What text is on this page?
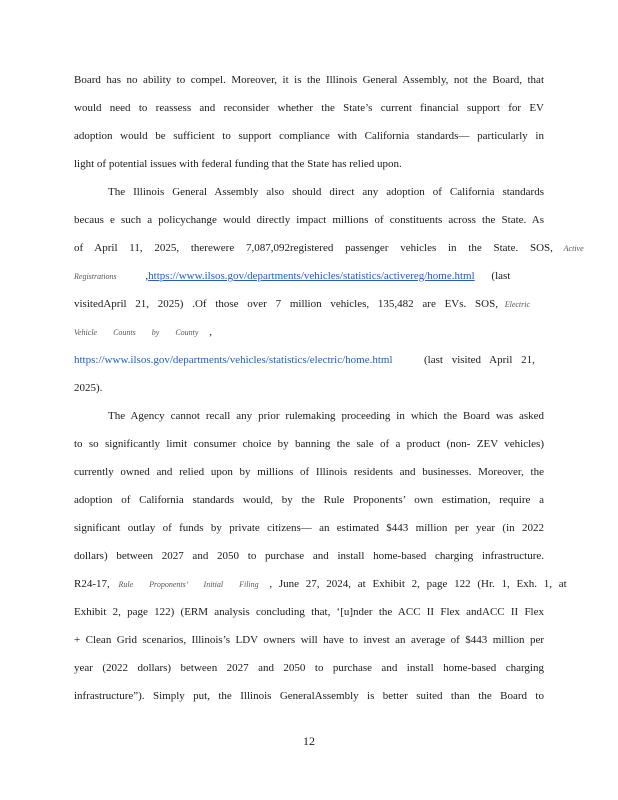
Board has no ability to compel. Moreover, it is the Illinois General Assembly, not the Board, that
would need to reassess and reconsider whether the State’s current financial support for EV
adoption would be sufficient to support compliance with California standards— particularly in
light of potential issues with federal funding that the State has relied upon.
The Illinois General Assembly also should direct any adoption of California standards
becaus e such a policychange would directly impact millions of constituents across the State. As
of April 11, 2025, therewere 7,087,092registered passenger vehicles in the State. SOS, Active
Registrations	,https://www.ilsos.gov/departments/vehicles/statistics/activereg/home.html (last
visitedApril 21, 2025) .Of those over 7 million vehicles, 135,482 are EVs. SOS, Electric
Vehicle Counts by County ,
https://www.ilsos.gov/departments/vehicles/statistics/electric/home.html	(last visited April 21,
2025).
The Agency cannot recall any prior rulemaking proceeding in which the Board was asked
to so significantly limit consumer choice by banning the sale of a product (non- ZEV vehicles)
currently owned and relied upon by millions of Illinois residents and businesses. Moreover, the
adoption of California standards would, by the Rule Proponents’ own estimation, require a
significant outlay of funds by private citizens— an estimated $443 million per year (in 2022
dollars) between 2027 and 2050 to purchase and install home-based charging infrastructure.
R24-17, Rule Proponents’ Initial Filing , June 27, 2024, at Exhibit 2, page 122 (Hr. 1, Exh. 1, at
Exhibit 2, page 122) (ERM analysis concluding that, ‘[u]nder the ACC II Flex andACC II Flex
+ Clean Grid scenarios, Illinois’s LDV owners will have to invest an average of $443 million per
year (2022 dollars) between 2027 and 2050 to purchase and install home-based charging
infrastructure”). Simply put, the Illinois GeneralAssembly is better suited than the Board to
12
